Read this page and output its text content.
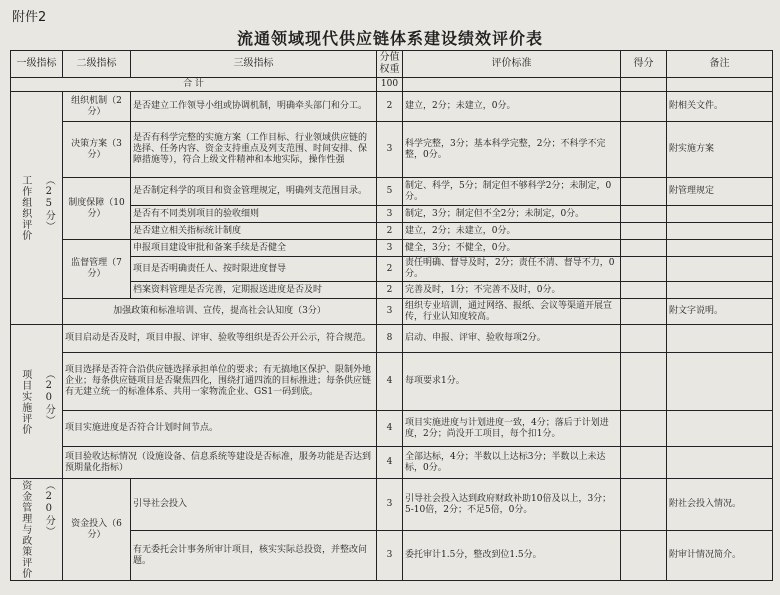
附件2
流通领域现代供应链体系建设绩效评价表
一级指标	二级指标	三级指标	分值权重	评价标准	得分	备注
合 计			100			

工作组织评价 （25分）	组织机制（2分）	是否建立工作领导小组或协调机制，明确牵头部门和分工。	2	建立，2分；未建立，0分。		附相关文件。
	决策方案（3分）	是否有科学完整的实施方案（工作目标、行业领域供应链的选择、任务内容、资金支持重点及列支范围、时间安排、保障措施等），符合上级文件精神和本地实际，操作性强	3	科学完整，3分；基本科学完整，2分；不科学不完整，0分。		附实施方案
	制度保障（10分）	是否制定科学的项目和资金管理规定，明确列支范围目录。	5	制定、科学，5分；制定但不够科学2分；未制定，0分。		附管理规定
		是否有不同类别项目的验收细则	3	制定，3分；制定但不全2分；未制定，0分。		
		是否建立相关指标统计制度	2	建立，2分；未建立，0分。		
	监督管理（7分）	申报项目建设审批和备案手续是否健全	3	健全，3分；不健全，0分。		
		项目是否明确责任人、按时限进度督导	2	责任明确、督导及时，2分；责任不清、督导不力，0分。		
		档案资料管理是否完善，定期报送进度是否及时	2	完善及时，1分；不完善不及时，0分。		
	加强政策和标准培训、宣传，提高社会认知度（3分）		3	组织专业培训，通过网络、报纸、会议等渠道开展宣传，行业认知度较高。		附文字说明。

项目实施评价 （20分）	项目启动是否及时，项目申报、评审、验收等组织是否公开公示，符合规范。		8	启动、申报、评审、验收每项2分。		
	项目选择是否符合沿供应链选择承担单位的要求；有无搞地区保护、限制外地企业；每条供应链项目是否聚焦四化，围绕打通四流的目标推进；每条供应链有无建立统一的标准体系、共用一家物流企业、GS1一码到底。		4	每项要求1分。		
	项目实施进度是否符合计划时间节点。		4	项目实施进度与计划进度一致，4分；落后于计划进度，2分；尚没开工项目，每个扣1分。		
	项目验收达标情况（设施设备、信息系统等建设是否标准，服务功能是否达到预期量化指标）		4	全部达标，4分；半数以上达标3分；半数以上未达标，0分。		

资金管理与政策评价 （20分）	资金投入（6分）	引导社会投入	3	引导社会投入达到政府财政补助10倍及以上，3分；5-10倍，2分；不足5倍，0分。		附社会投入情况。
		有无委托会计事务所审计项目，核实实际总投资，并整改问题。	3	委托审计1.5分，整改到位1.5分。		附审计情况简介。
